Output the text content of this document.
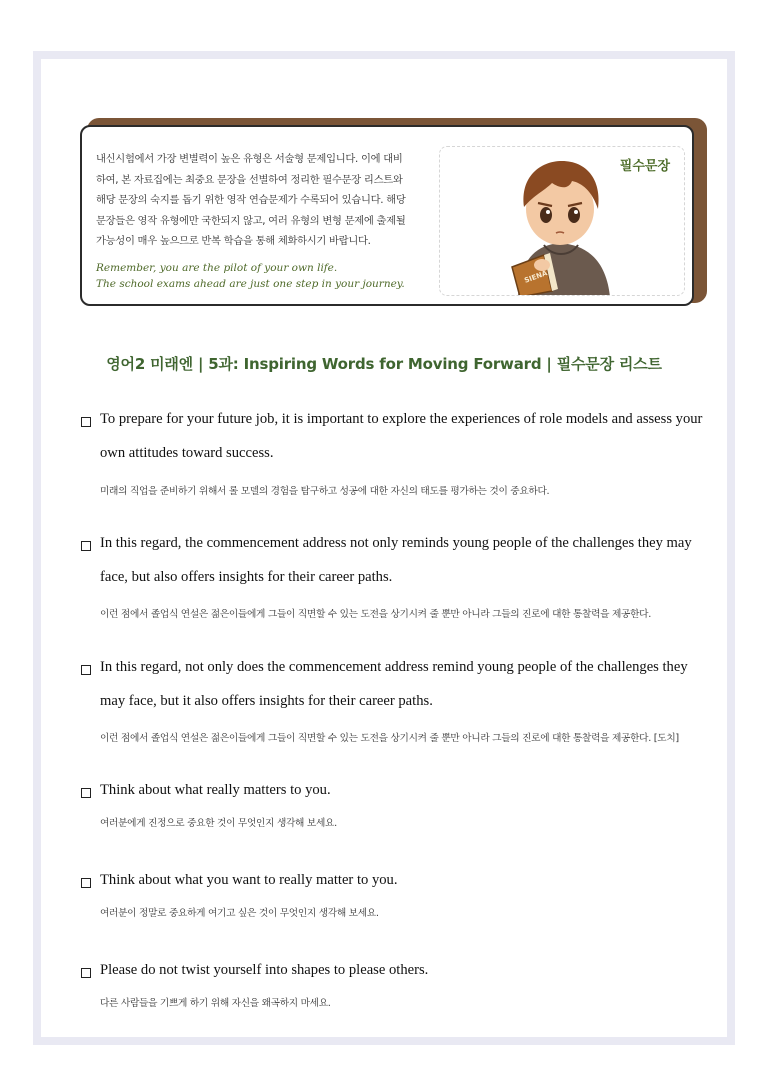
내신시험에서 가장 변별력이 높은 유형은 서술형 문제입니다. 이에 대비
하여, 본 자료집에는 최중요 문장을 선별하여 정리한 필수문장 리스트와
해당 문장의 숙지를 돕기 위한 영작 연습문제가 수록되어 있습니다. 해당
문장들은 영작 유형에만 국한되지 않고, 여러 유형의 변형 문제에 출제될
가능성이 매우 높으므로 반복 학습을 통해 체화하시기 바랍니다.
Remember, you are the pilot of your own life.
The school exams ahead are just one step in your journey.
필수문장
SIENA
영어2 미래엔 | 5과: Inspiring Words for Moving Forward | 필수문장 리스트
To prepare for your future job, it is important to explore the experiences of role models and assess your own attitudes toward success.
미래의 직업을 준비하기 위해서 롤 모델의 경험을 탐구하고 성공에 대한 자신의 태도를 평가하는 것이 중요하다.
In this regard, the commencement address not only reminds young people of the challenges they may face, but also offers insights for their career paths.
이런 점에서 졸업식 연설은 젊은이들에게 그들이 직면할 수 있는 도전을 상기시켜 줄 뿐만 아니라 그들의 진로에 대한 통찰력을 제공한다.
In this regard, not only does the commencement address remind young people of the challenges they may face, but it also offers insights for their career paths.
이런 점에서 졸업식 연설은 젊은이들에게 그들이 직면할 수 있는 도전을 상기시켜 줄 뿐만 아니라 그들의 진로에 대한 통찰력을 제공한다. [도치]
Think about what really matters to you.
여러분에게 진정으로 중요한 것이 무엇인지 생각해 보세요.
Think about what you want to really matter to you.
여러분이 정말로 중요하게 여기고 싶은 것이 무엇인지 생각해 보세요.
Please do not twist yourself into shapes to please others.
다른 사람들을 기쁘게 하기 위해 자신을 왜곡하지 마세요.
